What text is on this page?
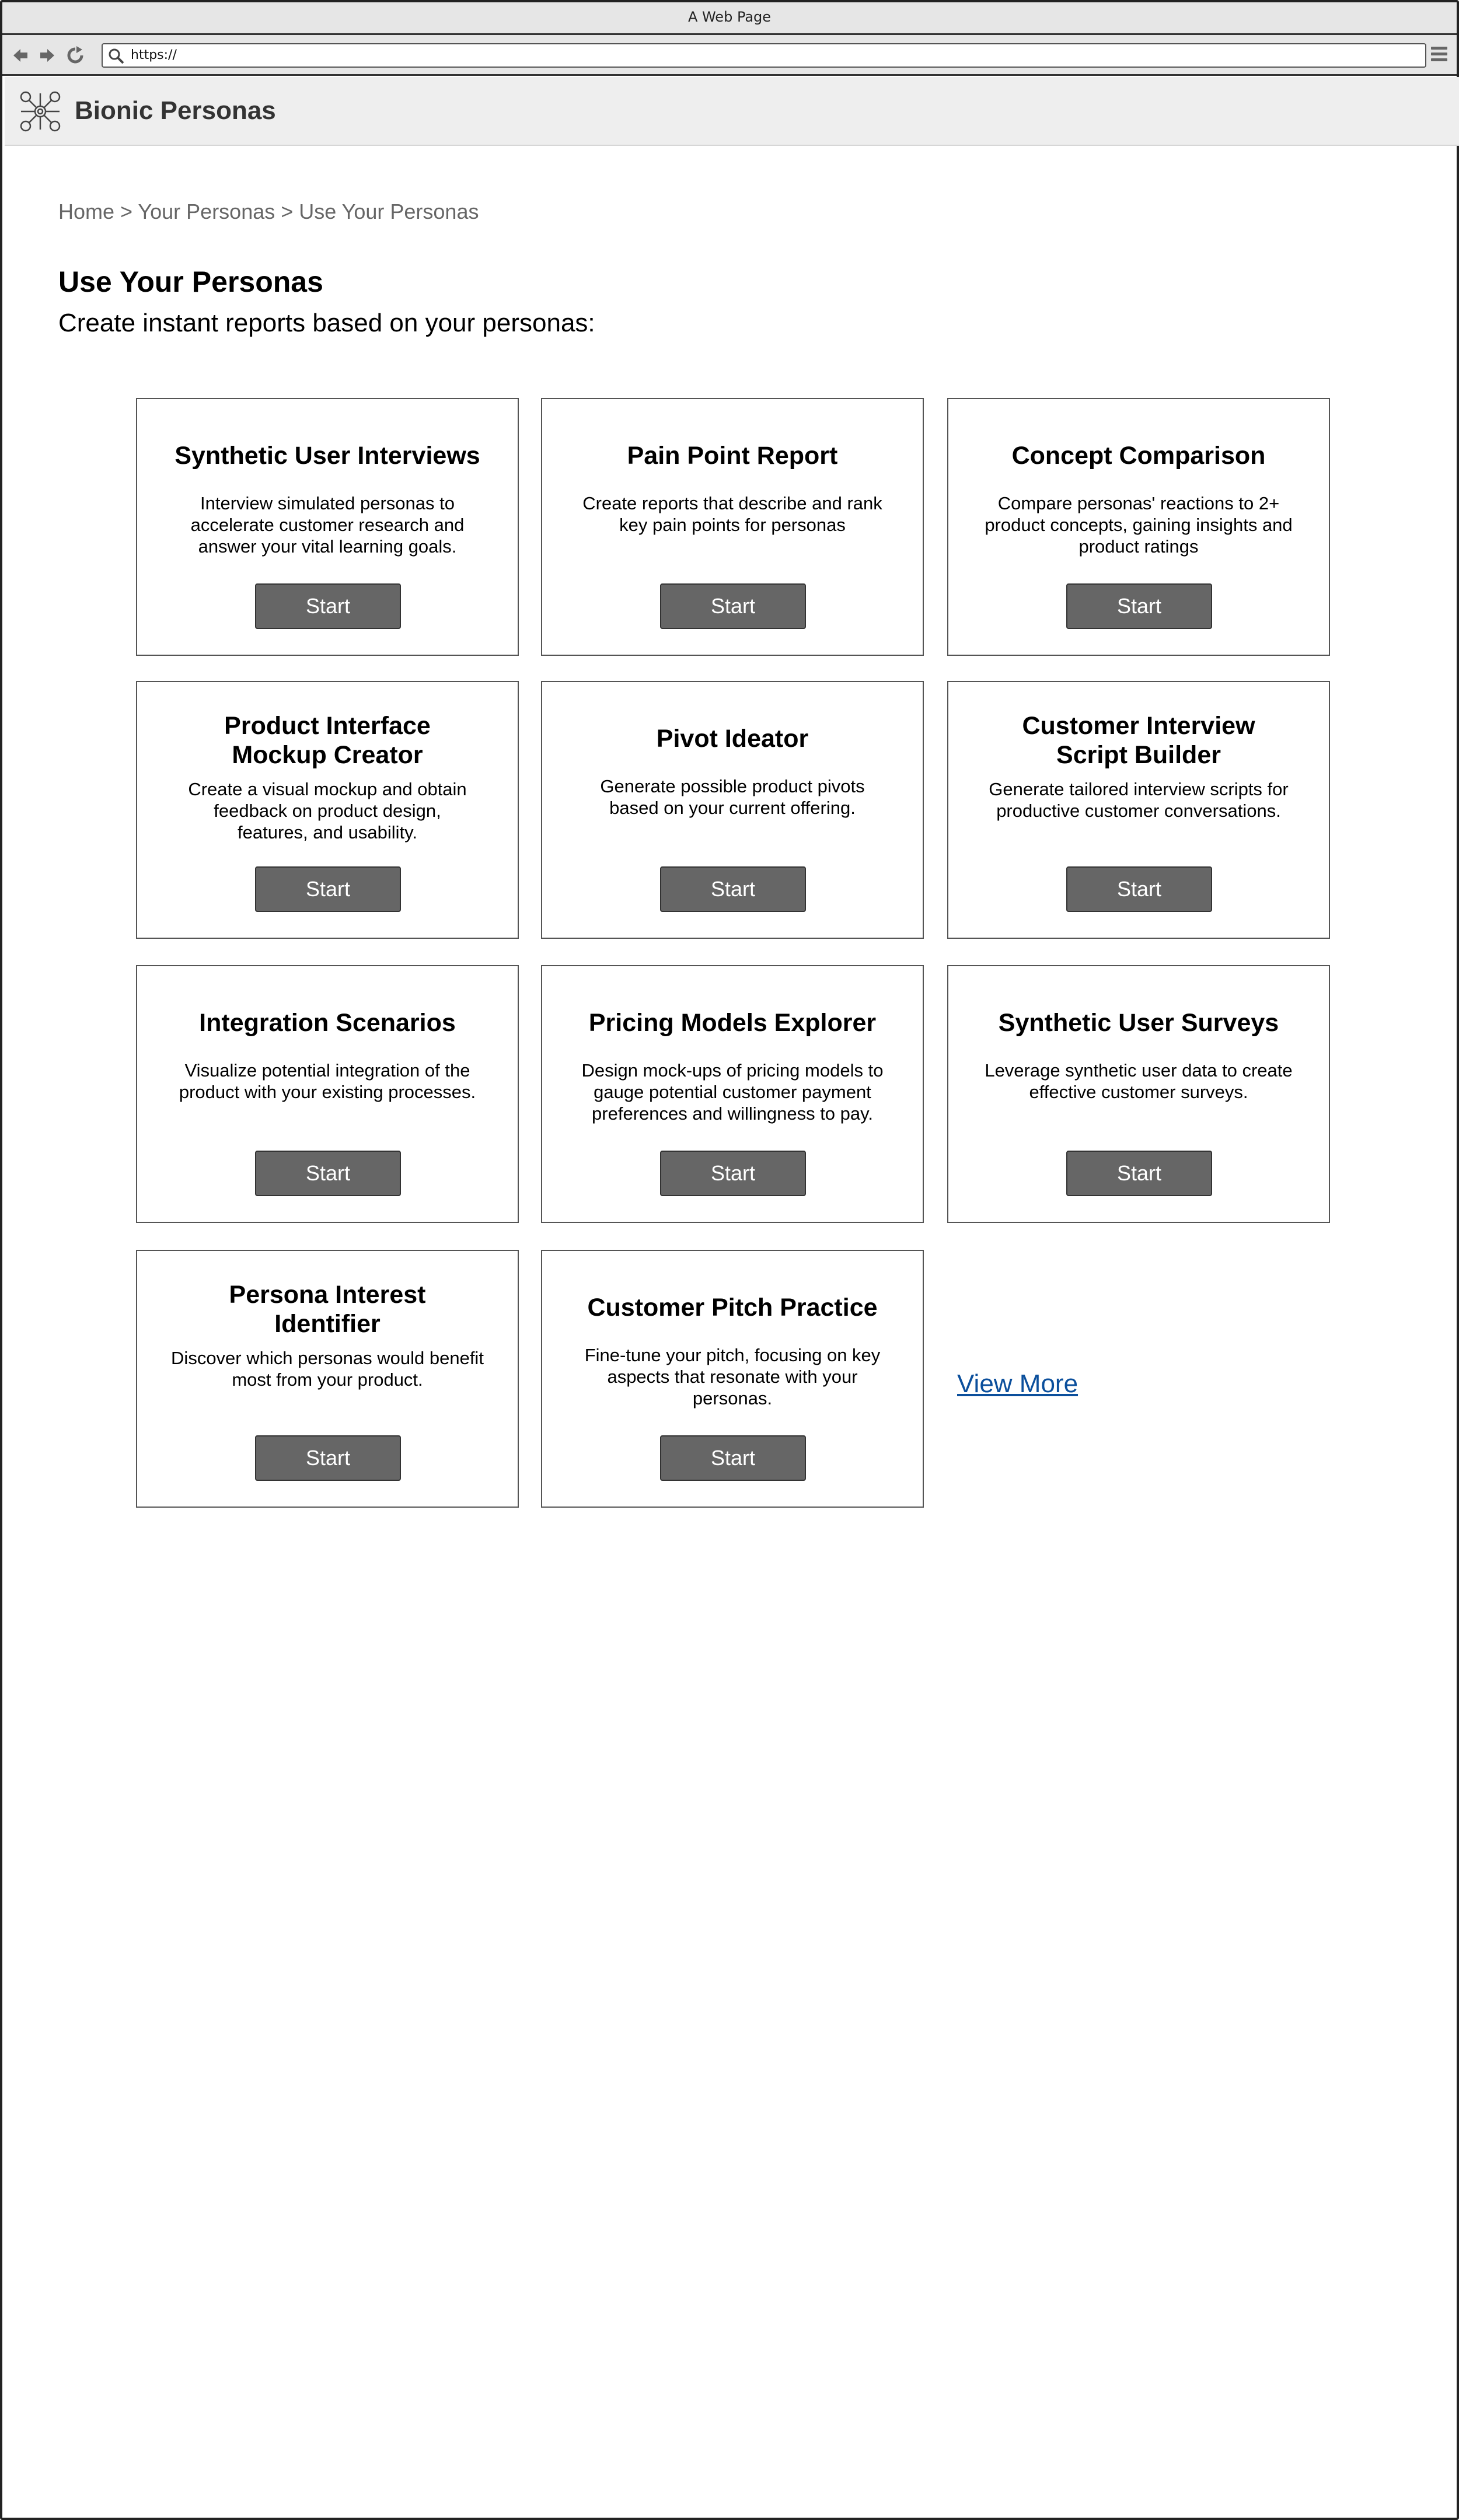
A Web Page
https://
Bionic Personas
Home > Your Personas > Use Your Personas
Use Your Personas
Create instant reports based on your personas:
Synthetic User Interviews
Interview simulated personas to
accelerate customer research and
answer your vital learning goals.
Start
Pain Point Report
Create reports that describe and rank
key pain points for personas
Start
Concept Comparison
Compare personas' reactions to 2+
product concepts, gaining insights and
product ratings
Start
Product Interface
Mockup Creator
Create a visual mockup and obtain
feedback on product design,
features, and usability.
Start
Pivot Ideator
Generate possible product pivots
based on your current offering.
Start
Customer Interview
Script Builder
Generate tailored interview scripts for
productive customer conversations.
Start
Integration Scenarios
Visualize potential integration of the
product with your existing processes.
Start
Pricing Models Explorer
Design mock-ups of pricing models to
gauge potential customer payment
preferences and willingness to pay.
Start
Synthetic User Surveys
Leverage synthetic user data to create
effective customer surveys.
Start
Persona Interest
Identifier
Discover which personas would benefit
most from your product.
Start
Customer Pitch Practice
Fine-tune your pitch, focusing on key
aspects that resonate with your
personas.
Start
View More
